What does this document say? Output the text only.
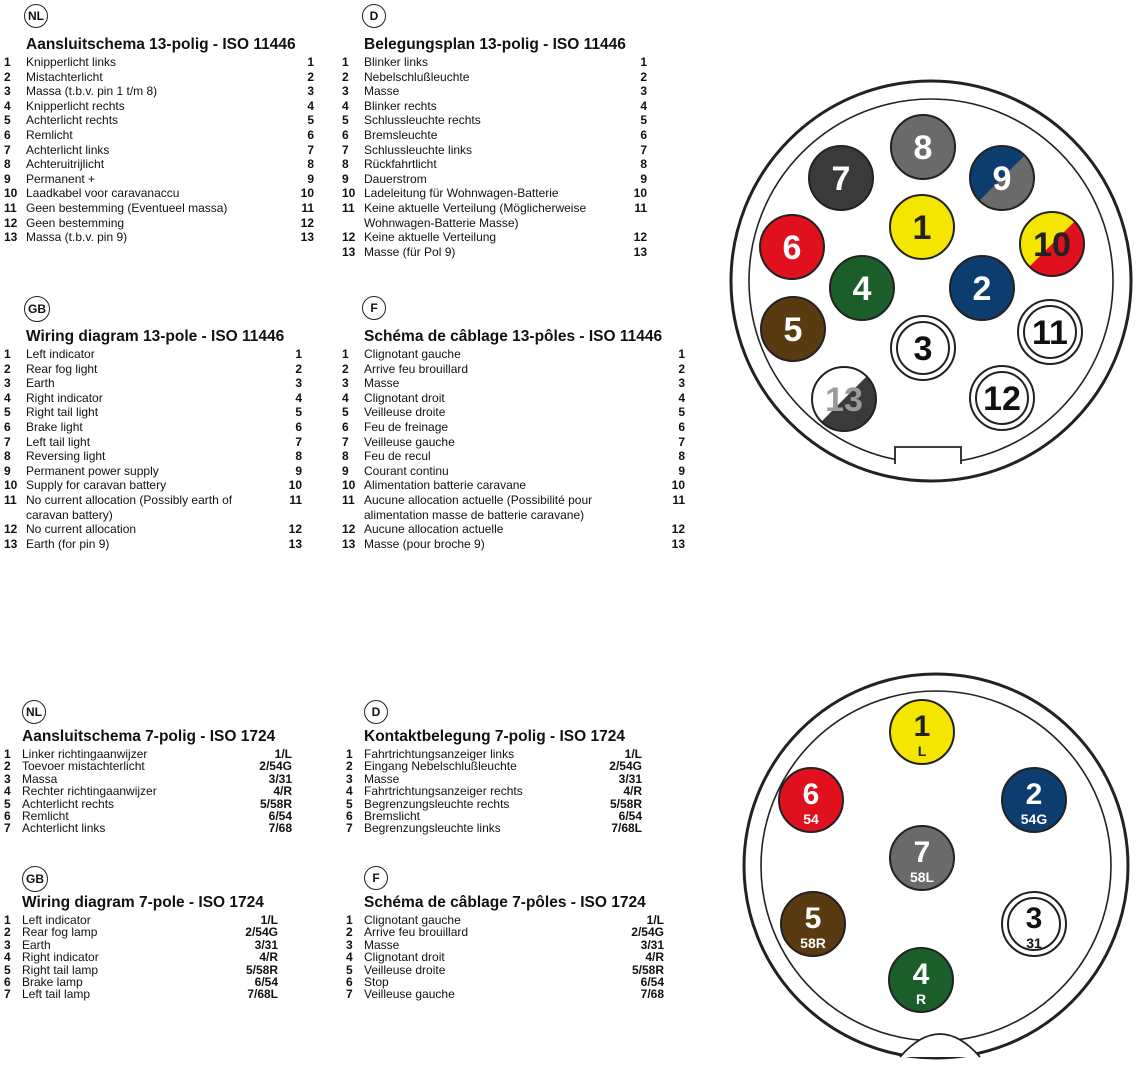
NL
Aansluitschema 13-polig - ISO 11446
1 Knipperlicht links	1
2 Mistachterlicht	2
3 Massa (t.b.v. pin 1 t/m 8)	3
4 Knipperlicht rechts	4
5 Achterlicht rechts	5
6 Remlicht	6
7 Achterlicht links	7
8 Achteruitrijlicht	8
9 Permanent +	9
10 Laadkabel voor caravanaccu	10
11 Geen bestemming (Eventueel massa)	11
12 Geen bestemming	12
13 Massa (t.b.v. pin 9)	13
D
Belegungsplan 13-polig - ISO 11446
1 Blinker links	1
2 Nebelschlußleuchte	2
3 Masse	3
4 Blinker rechts	4
5 Schlussleuchte rechts	5
6 Bremsleuchte	6
7 Schlussleuchte links	7
8 Rückfahrtlicht	8
9 Dauerstrom	9
10 Ladeleitung für Wohnwagen-Batterie	10
11 Keine aktuelle Verteilung (Möglicherweise
Wohnwagen-Batterie Masse)
11
12 Keine aktuelle Verteilung	12
13 Masse (für Pol 9)	13
GB
Wiring diagram 13-pole - ISO 11446
1 Left indicator	1
2 Rear fog light	2
3 Earth	3
4 Right indicator	4
5 Right tail light	5
6 Brake light	6
7 Left tail light	7
8 Reversing light	8
9 Permanent power supply	9
10 Supply for caravan battery	10
11 No current allocation (Possibly earth of
caravan battery)
11
12 No current allocation	12
13 Earth (for pin 9)	13
F
Schéma de câblage 13-pôles - ISO 11446
1 Clignotant gauche	1
2 Arrive feu brouillard	2
3 Masse	3
4 Clignotant droit	4
5 Veilleuse droite	5
6 Feu de freinage	6
7 Veilleuse gauche	7
8 Feu de recul	8
9 Courant continu	9
10 Alimentation batterie caravane	10
11 Aucune allocation actuelle (Possibilité pour
alimentation masse de batterie caravane)
11
12 Aucune allocation actuelle	12
13 Masse (pour broche 9)	13
NL
Aansluitschema 7-polig - ISO 1724
1 Linker richtingaanwijzer	1/L
2 Toevoer mistachterlicht	2/54G
3 Massa	3/31
4 Rechter richtingaanwijzer	4/R
5 Achterlicht rechts	5/58R
6 Remlicht	6/54
7 Achterlicht links	7/68
D
Kontaktbelegung 7-polig - ISO 1724
1 Fahrtrichtungsanzeiger links	1/L
2 Eingang Nebelschlußleuchte	2/54G
3 Masse	3/31
4 Fahrtrichtungsanzeiger rechts	4/R
5 Begrenzungsleuchte rechts	5/58R
6 Bremslicht	6/54
7 Begrenzungsleuchte links	7/68L
GB
Wiring diagram 7-pole - ISO 1724
1 Left indicator	1/L
2 Rear fog lamp	2/54G
3 Earth	3/31
4 Right indicator	4/R
5 Right tail lamp	5/58R
6 Brake lamp	6/54
7 Left tail lamp	7/68L
F
Schéma de câblage 7-pôles - ISO 1724
1 Clignotant gauche	1/L
2 Arrive feu brouillard	2/54G
3 Masse	3/31
4 Clignotant droit	4/R
5 Veilleuse droite	5/58R
6 Stop	6/54
7 Veilleuse gauche	7/68
1
2
3
4
5
6
7
8
9
10
11
12
13
1
L
2
54G
3
31
4
R
5
58R
6
54
7
58L
